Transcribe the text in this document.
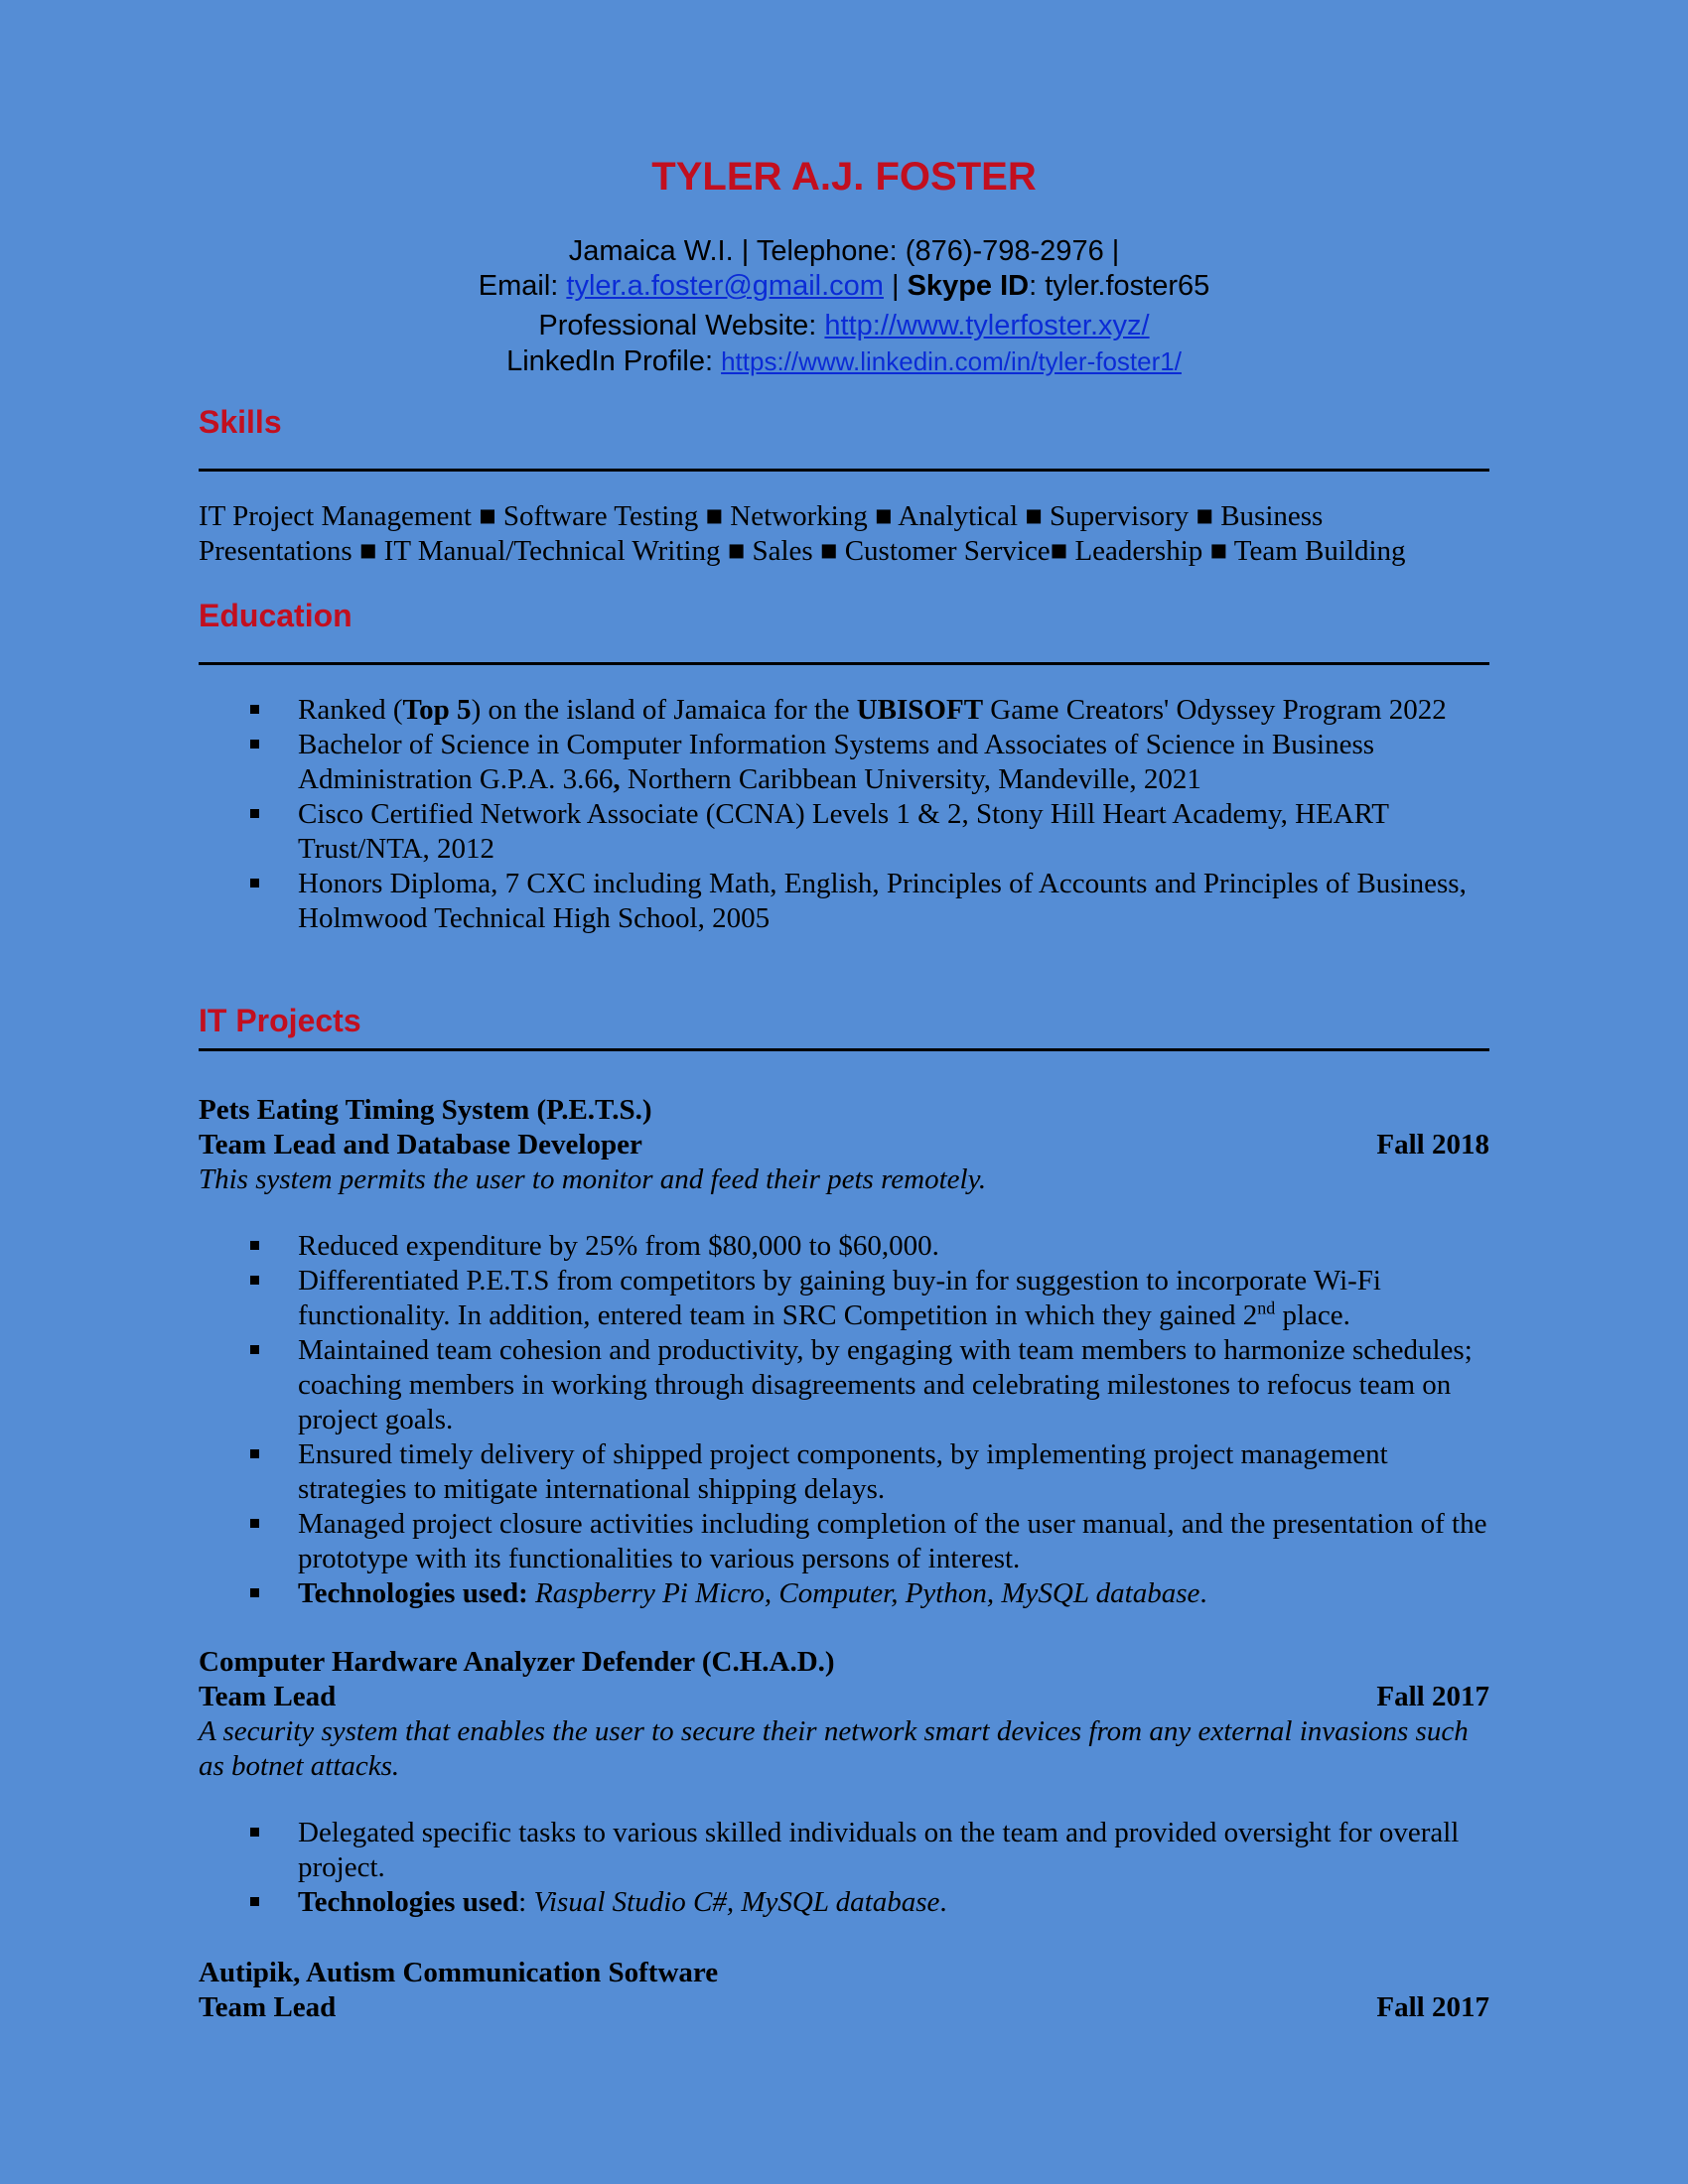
TYLER A.J. FOSTER
Jamaica W.I. | Telephone: (876)-798-2976 |
Email: tyler.a.foster@gmail.com | Skype ID: tyler.foster65
Professional Website: http://www.tylerfoster.xyz/
LinkedIn Profile: https://www.linkedin.com/in/tyler-foster1/
Skills
IT Project Management ■ Software Testing ■ Networking ■ Analytical ■ Supervisory ■ Business
Presentations ■ IT Manual/Technical Writing ■ Sales ■ Customer Service■ Leadership ■ Team Building
Education
Ranked (Top 5) on the island of Jamaica for the UBISOFT Game Creators' Odyssey Program 2022
Bachelor of Science in Computer Information Systems and Associates of Science in Business Administration G.P.A. 3.66, Northern Caribbean University, Mandeville, 2021
Cisco Certified Network Associate (CCNA) Levels 1 & 2, Stony Hill Heart Academy, HEART Trust/NTA, 2012
Honors Diploma, 7 CXC including Math, English, Principles of Accounts and Principles of Business, Holmwood Technical High School, 2005
IT Projects
Pets Eating Timing System (P.E.T.S.)
Team Lead and Database Developer	Fall 2018
This system permits the user to monitor and feed their pets remotely.
Reduced expenditure by 25% from $80,000 to $60,000.
Differentiated P.E.T.S from competitors by gaining buy-in for suggestion to incorporate Wi-Fi functionality. In addition, entered team in SRC Competition in which they gained 2nd place.
Maintained team cohesion and productivity, by engaging with team members to harmonize schedules; coaching members in working through disagreements and celebrating milestones to refocus team on project goals.
Ensured timely delivery of shipped project components, by implementing project management strategies to mitigate international shipping delays.
Managed project closure activities including completion of the user manual, and the presentation of the prototype with its functionalities to various persons of interest.
Technologies used: Raspberry Pi Micro, Computer, Python, MySQL database.
Computer Hardware Analyzer Defender (C.H.A.D.)
Team Lead	Fall 2017
A security system that enables the user to secure their network smart devices from any external invasions such as botnet attacks.
Delegated specific tasks to various skilled individuals on the team and provided oversight for overall project.
Technologies used: Visual Studio C#, MySQL database.
Autipik, Autism Communication Software
Team Lead	Fall 2017
